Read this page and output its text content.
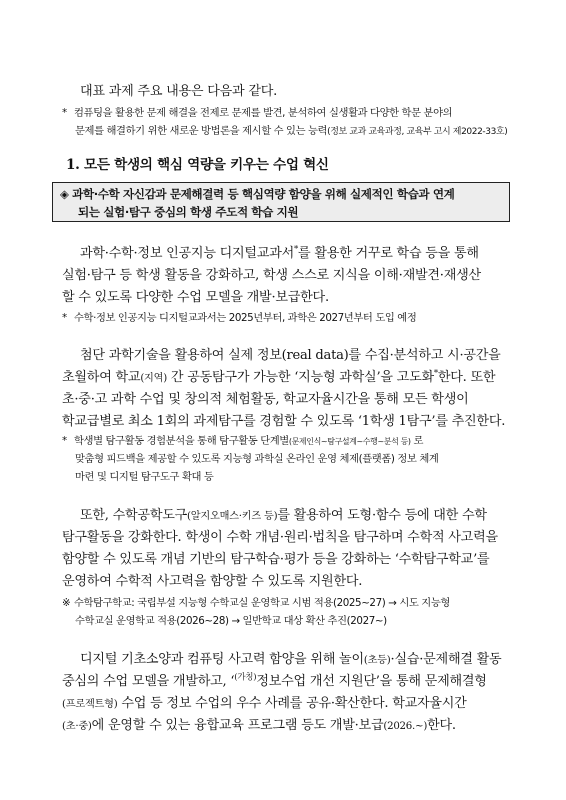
대표 과제 주요 내용은 다음과 같다.
* 컴퓨팅을 활용한 문제 해결을 전제로 문제를 발견, 분석하여 실생활과 다양한 학문 분야의
문제를 해결하기 위한 새로운 방법론을 제시할 수 있는 능력(정보 교과 교육과정, 교육부 고시 제2022-33호)
1. 모든 학생의 핵심 역량을 키우는 수업 혁신
◈ 과학·수학 자신감과 문제해결력 등 핵심역량 함양을 위해 실제적인 학습과 연계
되는 실험·탐구 중심의 학생 주도적 학습 지원
과학·수학·정보 인공지능 디지털교과서*를 활용한 거꾸로 학습 등을 통해
실험·탐구 등 학생 활동을 강화하고, 학생 스스로 지식을 이해·재발견·재생산
할 수 있도록 다양한 수업 모델을 개발·보급한다.
* 수학·정보 인공지능 디지털교과서는 2025년부터, 과학은 2027년부터 도입 예정
첨단 과학기술을 활용하여 실제 정보(real data)를 수집·분석하고 시·공간을
초월하여 학교(지역) 간 공동탐구가 가능한 ‘지능형 과학실’을 고도화*한다. 또한
초·중·고 과학 수업 및 창의적 체험활동, 학교자율시간을 통해 모든 학생이
학교급별로 최소 1회의 과제탐구를 경험할 수 있도록 ‘1학생 1탐구’를 추진한다.
* 학생별 탐구활동 경험분석을 통해 탐구활동 단계별(문제인식~탐구설계~수행~분석 등) 로
맞춤형 피드백을 제공할 수 있도록 지능형 과학실 온라인 운영 체제(플랫폼) 정보 체계
마련 및 디지털 탐구도구 확대 등
또한, 수학공학도구(알지오매스·키즈 등)를 활용하여 도형·함수 등에 대한 수학
탐구활동을 강화한다. 학생이 수학 개념·원리·법칙을 탐구하며 수학적 사고력을
함양할 수 있도록 개념 기반의 탐구학습·평가 등을 강화하는 ‘수학탐구학교’를
운영하여 수학적 사고력을 함양할 수 있도록 지원한다.
※ 수학탐구학교: 국립부설 지능형 수학교실 운영학교 시범 적용(2025~27) → 시도 지능형
수학교실 운영학교 적용(2026~28) → 일반학교 대상 확산 추진(2027~)
디지털 기초소양과 컴퓨팅 사고력 함양을 위해 놀이(초등)·실습·문제해결 활동
중심의 수업 모델을 개발하고, ‘$^{(가칭)}$정보수업 개선 지원단’을 통해 문제해결형
(프로젝트형) 수업 등 정보 수업의 우수 사례를 공유·확산한다. 학교자율시간
(초·중)에 운영할 수 있는 융합교육 프로그램 등도 개발·보급(2026.~)한다.
